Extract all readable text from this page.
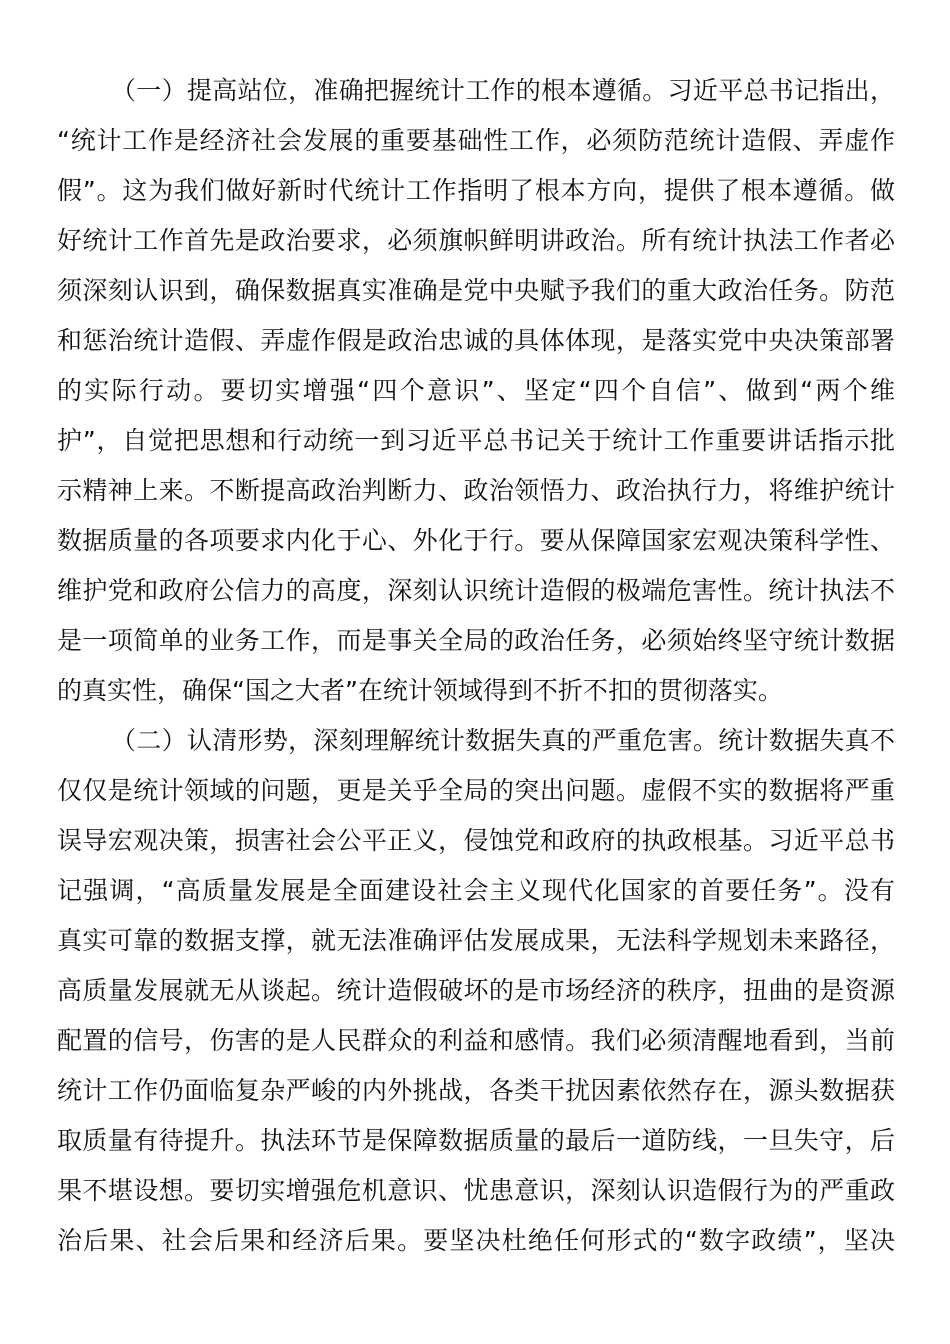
（一）提高站位，准确把握统计工作的根本遵循。习近平总书记指出，
“统计工作是经济社会发展的重要基础性工作，必须防范统计造假、弄虚作
假”。这为我们做好新时代统计工作指明了根本方向，提供了根本遵循。做
好统计工作首先是政治要求，必须旗帜鲜明讲政治。所有统计执法工作者必
须深刻认识到，确保数据真实准确是党中央赋予我们的重大政治任务。防范
和惩治统计造假、弄虚作假是政治忠诚的具体体现，是落实党中央决策部署
的实际行动。要切实增强“四个意识”、坚定“四个自信”、做到“两个维
护”，自觉把思想和行动统一到习近平总书记关于统计工作重要讲话指示批
示精神上来。不断提高政治判断力、政治领悟力、政治执行力，将维护统计
数据质量的各项要求内化于心、外化于行。要从保障国家宏观决策科学性、
维护党和政府公信力的高度，深刻认识统计造假的极端危害性。统计执法不
是一项简单的业务工作，而是事关全局的政治任务，必须始终坚守统计数据
的真实性，确保“国之大者”在统计领域得到不折不扣的贯彻落实。
（二）认清形势，深刻理解统计数据失真的严重危害。统计数据失真不
仅仅是统计领域的问题，更是关乎全局的突出问题。虚假不实的数据将严重
误导宏观决策，损害社会公平正义，侵蚀党和政府的执政根基。习近平总书
记强调，“高质量发展是全面建设社会主义现代化国家的首要任务”。没有
真实可靠的数据支撑，就无法准确评估发展成果，无法科学规划未来路径，
高质量发展就无从谈起。统计造假破坏的是市场经济的秩序，扭曲的是资源
配置的信号，伤害的是人民群众的利益和感情。我们必须清醒地看到，当前
统计工作仍面临复杂严峻的内外挑战，各类干扰因素依然存在，源头数据获
取质量有待提升。执法环节是保障数据质量的最后一道防线，一旦失守，后
果不堪设想。要切实增强危机意识、忧患意识，深刻认识造假行为的严重政
治后果、社会后果和经济后果。要坚决杜绝任何形式的“数字政绩”，坚决
